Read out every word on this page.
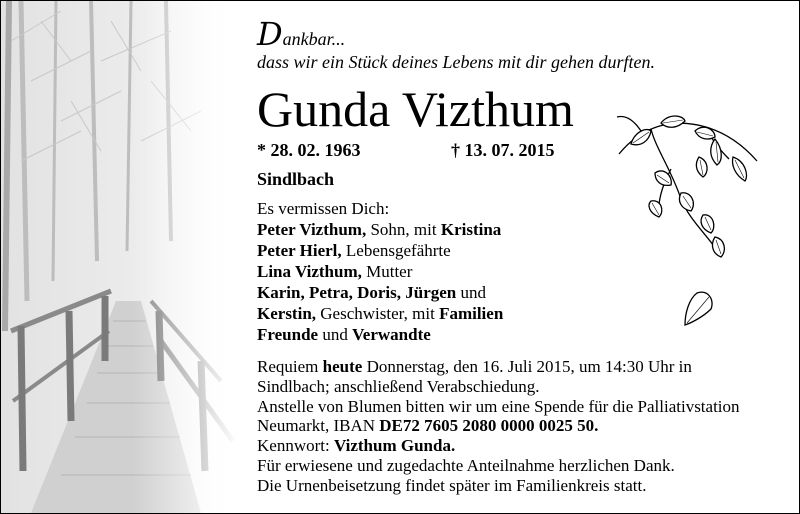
Dankbar...
dass wir ein Stück deines Lebens mit dir gehen durften.
Gunda Vizthum
* 28. 02. 1963	† 13. 07. 2015
Sindlbach
Es vermissen Dich:
Peter Vizthum, Sohn, mit Kristina
Peter Hierl, Lebensgefährte
Lina Vizthum, Mutter
Karin, Petra, Doris, Jürgen und
Kerstin, Geschwister, mit Familien
Freunde und Verwandte
Requiem heute Donnerstag, den 16. Juli 2015, um 14:30 Uhr in
Sindlbach; anschließend Verabschiedung.
Anstelle von Blumen bitten wir um eine Spende für die Palliativstation
Neumarkt, IBAN DE72 7605 2080 0000 0025 50.
Kennwort: Vizthum Gunda.
Für erwiesene und zugedachte Anteilnahme herzlichen Dank.
Die Urnenbeisetzung findet später im Familienkreis statt.
